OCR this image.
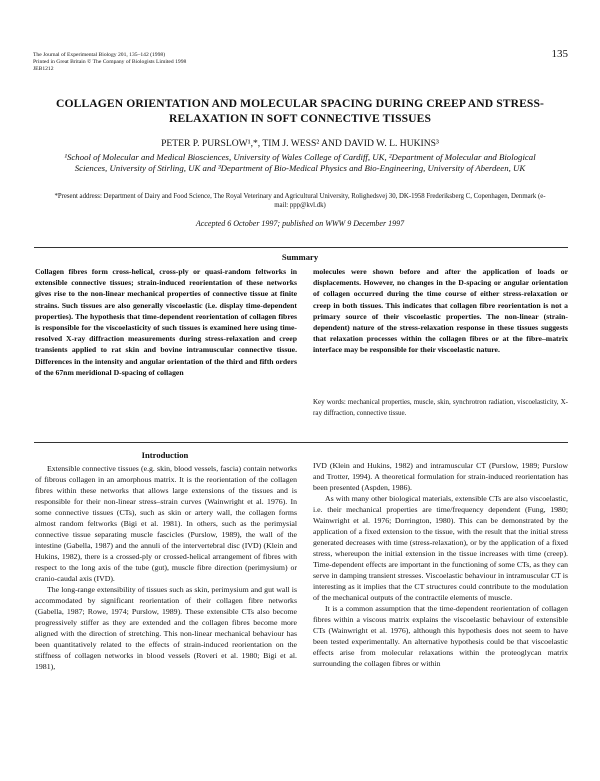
The Journal of Experimental Biology 201, 135–142 (1998)
Printed in Great Britain © The Company of Biologists Limited 1998
JEB1212
135
COLLAGEN ORIENTATION AND MOLECULAR SPACING DURING CREEP AND STRESS-RELAXATION IN SOFT CONNECTIVE TISSUES
PETER P. PURSLOW¹,*, TIM J. WESS² AND DAVID W. L. HUKINS³
¹School of Molecular and Medical Biosciences, University of Wales College of Cardiff, UK, ²Department of Molecular and Biological Sciences, University of Stirling, UK and ³Department of Bio-Medical Physics and Bio-Engineering, University of Aberdeen, UK
*Present address: Department of Dairy and Food Science, The Royal Veterinary and Agricultural University, Rolighedsvej 30, DK-1958 Frederiksberg C, Copenhagen, Denmark (e-mail: ppp@kvl.dk)
Accepted 6 October 1997; published on WWW 9 December 1997
Summary

Collagen fibres form cross-helical, cross-ply or quasi-random feltworks in extensible connective tissues; strain-induced reorientation of these networks gives rise to the non-linear mechanical properties of connective tissue at finite strains. Such tissues are also generally viscoelastic (i.e. display time-dependent properties). The hypothesis that time-dependent reorientation of collagen fibres is responsible for the viscoelasticity of such tissues is examined here using time-resolved X-ray diffraction measurements during stress-relaxation and creep transients applied to rat skin and bovine intramuscular connective tissue. Differences in the intensity and angular orientation of the third and fifth orders of the 67nm meridional D-spacing of collagen

molecules were shown before and after the application of loads or displacements. However, no changes in the D-spacing or angular orientation of collagen occurred during the time course of either stress-relaxation or creep in both tissues. This indicates that collagen fibre reorientation is not a primary source of their viscoelastic properties. The non-linear (strain-dependent) nature of the stress-relaxation response in these tissues suggests that relaxation processes within the collagen fibres or at the fibre–matrix interface may be responsible for their viscoelastic nature.

Key words: mechanical properties, muscle, skin, synchrotron radiation, viscoelasticity, X-ray diffraction, connective tissue.
Introduction

Extensible connective tissues (e.g. skin, blood vessels, fascia) contain networks of fibrous collagen in an amorphous matrix. It is the reorientation of the collagen fibres within these networks that allows large extensions of the tissues and is responsible for their non-linear stress–strain curves (Wainwright et al. 1976). In some connective tissues (CTs), such as skin or artery wall, the collagen forms almost random feltworks (Bigi et al. 1981). In others, such as the perimysial connective tissue separating muscle fascicles (Purslow, 1989), the wall of the intestine (Gabella, 1987) and the annuli of the intervertebral disc (IVD) (Klein and Hukins, 1982), there is a crossed-ply or crossed-helical arrangement of fibres with respect to the long axis of the tube (gut), muscle fibre direction (perimysium) or cranio-caudal axis (IVD).

The long-range extensibility of tissues such as skin, perimysium and gut wall is accommodated by significant reorientation of their collagen fibre networks (Gabella, 1987; Rowe, 1974; Purslow, 1989). These extensible CTs also become progressively stiffer as they are extended and the collagen fibres become more aligned with the direction of stretching. This non-linear mechanical behaviour has been quantitatively related to the effects of strain-induced reorientation on the stiffness of collagen networks in blood vessels (Roveri et al. 1980; Bigi et al. 1981),

IVD (Klein and Hukins, 1982) and intramuscular CT (Purslow, 1989; Purslow and Trotter, 1994). A theoretical formulation for strain-induced reorientation has been presented (Aspden, 1986).

As with many other biological materials, extensible CTs are also viscoelastic, i.e. their mechanical properties are time/frequency dependent (Fung, 1980; Wainwright et al. 1976; Dorrington, 1980). This can be demonstrated by the application of a fixed extension to the tissue, with the result that the initial stress generated decreases with time (stress-relaxation), or by the application of a fixed stress, whereupon the initial extension in the tissue increases with time (creep). Time-dependent effects are important in the functioning of some CTs, as they can serve in damping transient stresses. Viscoelastic behaviour in intramuscular CT is interesting as it implies that the CT structures could contribute to the modulation of the mechanical outputs of the contractile elements of muscle.

It is a common assumption that the time-dependent reorientation of collagen fibres within a viscous matrix explains the viscoelastic behaviour of extensible CTs (Wainwright et al. 1976), although this hypothesis does not seem to have been tested experimentally. An alternative hypothesis could be that viscoelastic effects arise from molecular relaxations within the proteoglycan matrix surrounding the collagen fibres or within
